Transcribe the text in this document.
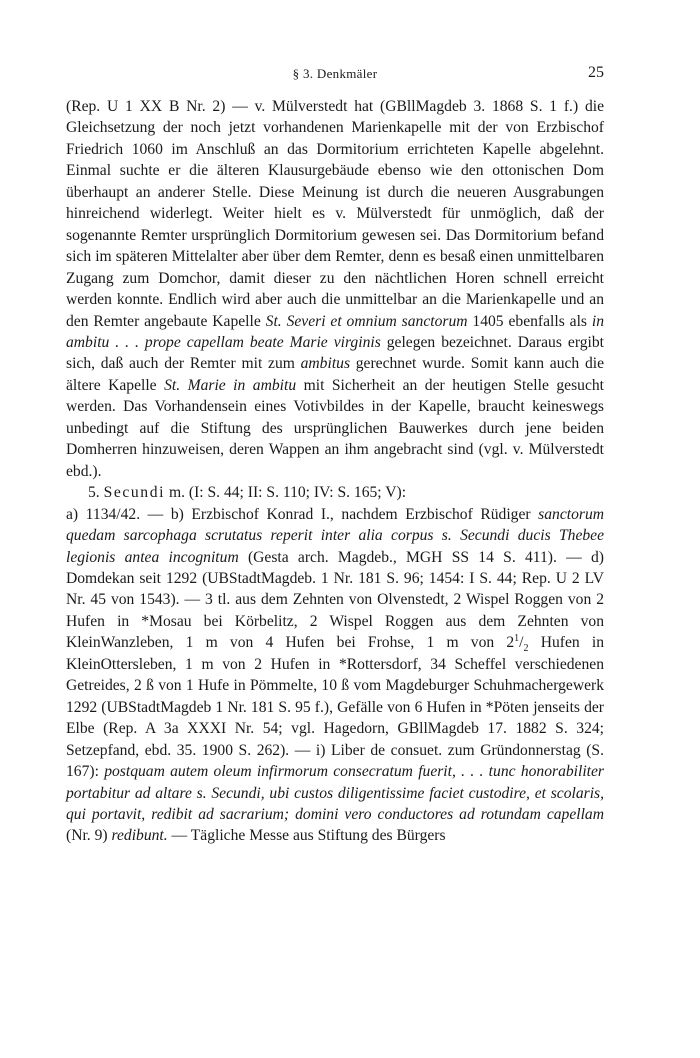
§ 3. Denkmäler	25

(Rep. U 1 XX B Nr. 2) — v. Mülverstedt hat (GBllMagdeb 3. 1868 S. 1 f.) die Gleichsetzung der noch jetzt vorhandenen Marienkapelle mit der von Erzbischof Friedrich 1060 im Anschluß an das Dormitorium errichteten Kapelle abgelehnt. Einmal suchte er die älteren Klausurgebäude ebenso wie den ottonischen Dom überhaupt an anderer Stelle. Diese Meinung ist durch die neueren Ausgrabungen hinreichend widerlegt. Weiter hielt es v. Mülverstedt für unmöglich, daß der sogenannte Remter ursprünglich Dormitorium gewesen sei. Das Dormitorium befand sich im späteren Mittelalter aber über dem Remter, denn es besaß einen unmittelbaren Zugang zum Domchor, damit dieser zu den nächtlichen Horen schnell erreicht werden konnte. Endlich wird aber auch die unmittelbar an die Marienkapelle und an den Remter angebaute Kapelle St. Severi et omnium sanctorum 1405 ebenfalls als in ambitu . . . prope capellam beate Marie virginis gelegen bezeichnet. Daraus ergibt sich, daß auch der Remter mit zum ambitus gerechnet wurde. Somit kann auch die ältere Kapelle St. Marie in ambitu mit Sicherheit an der heutigen Stelle gesucht werden. Das Vorhandensein eines Votivbildes in der Kapelle, braucht keineswegs unbedingt auf die Stiftung des ursprünglichen Bauwerkes durch jene beiden Domherren hinzuweisen, deren Wappen an ihm angebracht sind (vgl. v. Mülverstedt ebd.).

5. Secundi m. (I: S. 44; II: S. 110; IV: S. 165; V):

a) 1134/42. — b) Erzbischof Konrad I., nachdem Erzbischof Rüdiger sanctorum quedam sarcophaga scrutatus reperit inter alia corpus s. Secundi ducis Thebee legionis antea incognitum (Gesta arch. Magdeb., MGH SS 14 S. 411). — d) Domdekan seit 1292 (UBStadtMagdeb. 1 Nr. 181 S. 96; 1454: I S. 44; Rep. U 2 LV Nr. 45 von 1543). — 3 tl. aus dem Zehnten von Olvenstedt, 2 Wispel Roggen von 2 Hufen in *Mosau bei Körbelitz, 2 Wispel Roggen aus dem Zehnten von KleinWanzleben, 1 m von 4 Hufen bei Frohse, 1 m von $2^1/_2$ Hufen in KleinOttersleben, 1 m von 2 Hufen in *Rottersdorf, 34 Scheffel verschiedenen Getreides, 2 ß von 1 Hufe in Pömmelte, 10 ß vom Magdeburger Schuhmachergewerk 1292 (UBStadtMagdeb 1 Nr. 181 S. 95 f.), Gefälle von 6 Hufen in *Pöten jenseits der Elbe (Rep. A 3a XXXI Nr. 54; vgl. Hagedorn, GBllMagdeb 17. 1882 S. 324; Setzepfand, ebd. 35. 1900 S. 262). — i) Liber de consuet. zum Gründonnerstag (S. 167): postquam autem oleum infirmorum consecratum fuerit, . . . tunc honorabiliter portabitur ad altare s. Secundi, ubi custos diligentissime faciet custodire, et scolaris, qui portavit, redibit ad sacrarium; domini vero conductores ad rotundam capellam (Nr. 9) redibunt. — Tägliche Messe aus Stiftung des Bürgers
